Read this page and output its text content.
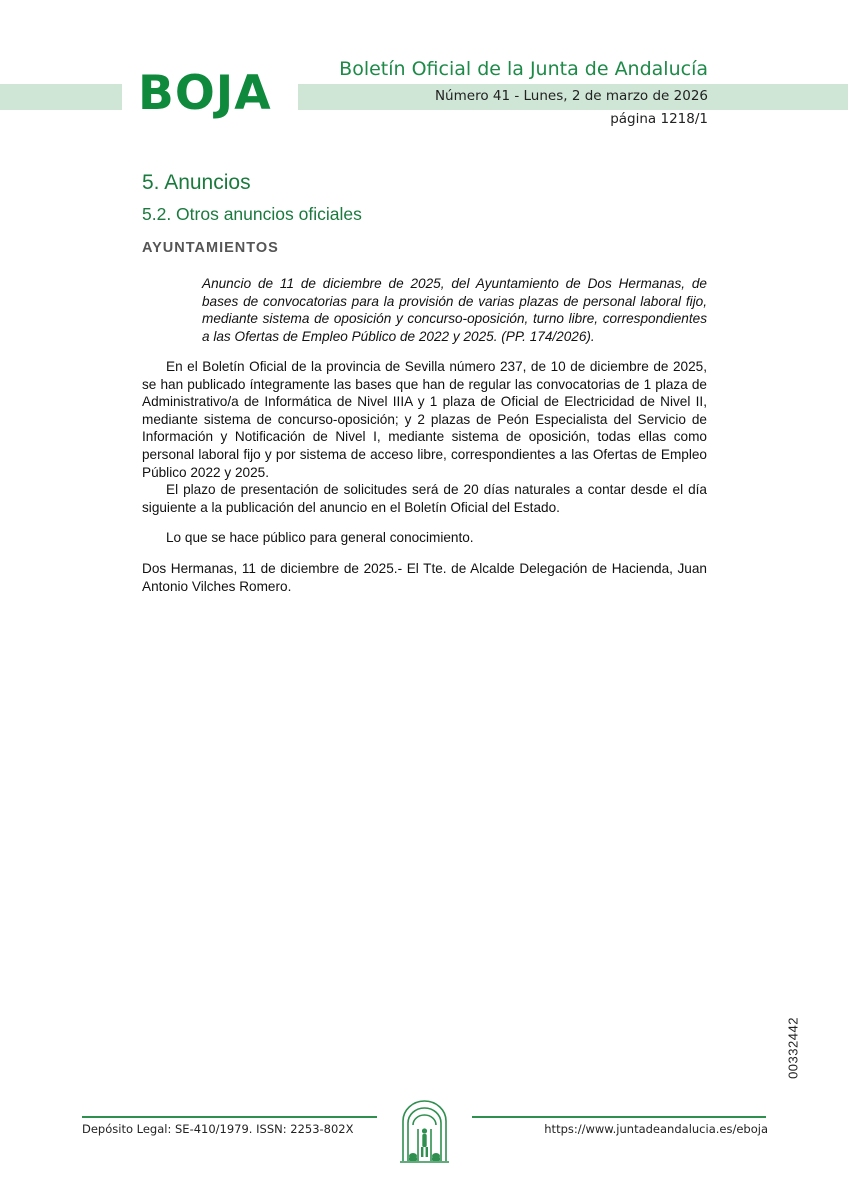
BOJA	Boletín Oficial de la Junta de Andalucía
Número 41 - Lunes, 2 de marzo de 2026
página 1218/1
5. Anuncios
5.2. Otros anuncios oficiales
AYUNTAMIENTOS

Anuncio de 11 de diciembre de 2025, del Ayuntamiento de Dos Hermanas, de bases de convocatorias para la provisión de varias plazas de personal laboral fijo, mediante sistema de oposición y concurso-oposición, turno libre, correspondientes a las Ofertas de Empleo Público de 2022 y 2025. (PP. 174/2026).

En el Boletín Oficial de la provincia de Sevilla número 237, de 10 de diciembre de 2025, se han publicado íntegramente las bases que han de regular las convocatorias de 1 plaza de Administrativo/a de Informática de Nivel IIIA y 1 plaza de Oficial de Electricidad de Nivel II, mediante sistema de concurso-oposición; y 2 plazas de Peón Especialista del Servicio de Información y Notificación de Nivel I, mediante sistema de oposición, todas ellas como personal laboral fijo y por sistema de acceso libre, correspondientes a las Ofertas de Empleo Público 2022 y 2025.

El plazo de presentación de solicitudes será de 20 días naturales a contar desde el día siguiente a la publicación del anuncio en el Boletín Oficial del Estado.

Lo que se hace público para general conocimiento.

Dos Hermanas, 11 de diciembre de 2025.- El Tte. de Alcalde Delegación de Hacienda, Juan Antonio Vilches Romero.

00332442
Depósito Legal: SE-410/1979. ISSN: 2253-802X	https://www.juntadeandalucia.es/eboja
